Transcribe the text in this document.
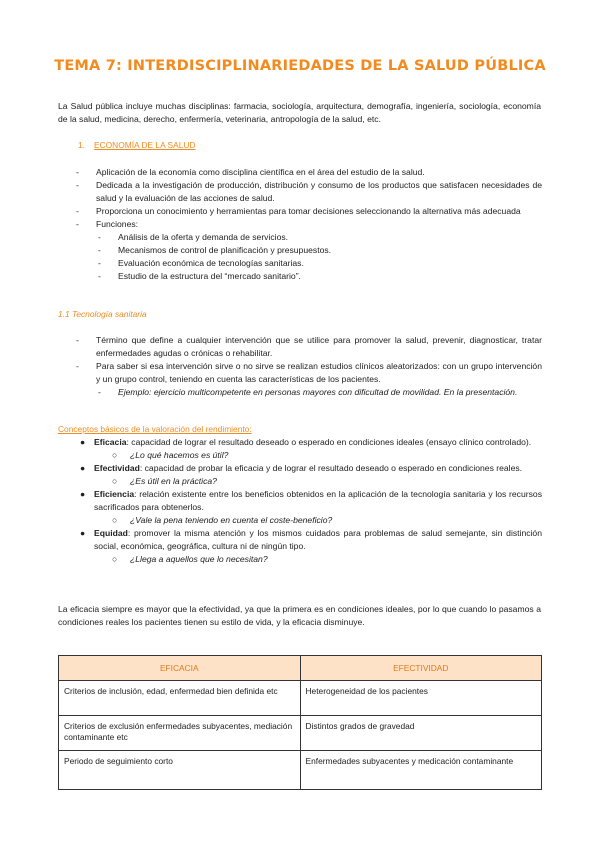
TEMA 7: INTERDISCIPLINARIEDADES DE LA SALUD PÚBLICA
La Salud pública incluye muchas disciplinas: farmacia, sociología, arquitectura, demografía, ingeniería, sociología, economía de la salud, medicina, derecho, enfermería, veterinaria, antropología de la salud, etc.
1. ECONOMÍA DE LA SALUD
- Aplicación de la economía como disciplina científica en el área del estudio de la salud.
- Dedicada a la investigación de producción, distribución y consumo de los productos que satisfacen necesidades de salud y la evaluación de las acciones de salud.
- Proporciona un conocimiento y herramientas para tomar decisiones seleccionando la alternativa más adecuada
- Funciones:
- Análisis de la oferta y demanda de servicios.
- Mecanismos de control de planificación y presupuestos.
- Evaluación económica de tecnologías sanitarias.
- Estudio de la estructura del “mercado sanitario”.
1.1 Tecnología sanitaria
- Término que define a cualquier intervención que se utilice para promover la salud, prevenir, diagnosticar, tratar enfermedades agudas o crónicas o rehabilitar.
- Para saber si esa intervención sirve o no sirve se realizan estudios clínicos aleatorizados: con un grupo intervención y un grupo control, teniendo en cuenta las características de los pacientes.
- Ejemplo: ejercicio multicompetente en personas mayores con dificultad de movilidad. En la presentación.
Conceptos básicos de la valoración del rendimiento:
● Eficacia: capacidad de lograr el resultado deseado o esperado en condiciones ideales (ensayo clínico controlado).
○ ¿Lo qué hacemos es útil?
● Efectividad: capacidad de probar la eficacia y de lograr el resultado deseado o esperado en condiciones reales.
○ ¿Es útil en la práctica?
● Eficiencia: relación existente entre los beneficios obtenidos en la aplicación de la tecnología sanitaria y los recursos sacrificados para obtenerlos.
○ ¿Vale la pena teniendo en cuenta el coste-beneficio?
● Equidad: promover la misma atención y los mismos cuidados para problemas de salud semejante, sin distinción social, económica, geográfica, cultura ni de ningún tipo.
○ ¿Llega a aquellos que lo necesitan?
La eficacia siempre es mayor que la efectividad, ya que la primera es en condiciones ideales, por lo que cuando lo pasamos a condiciones reales los pacientes tienen su estilo de vida, y la eficacia disminuye.
EFICACIA	EFECTIVIDAD
Criterios de inclusión, edad, enfermedad bien definida etc	Heterogeneidad de los pacientes
Criterios de exclusión enfermedades subyacentes, mediación contaminante etc	Distintos grados de gravedad
Periodo de seguimiento corto	Enfermedades subyacentes y medicación contaminante
